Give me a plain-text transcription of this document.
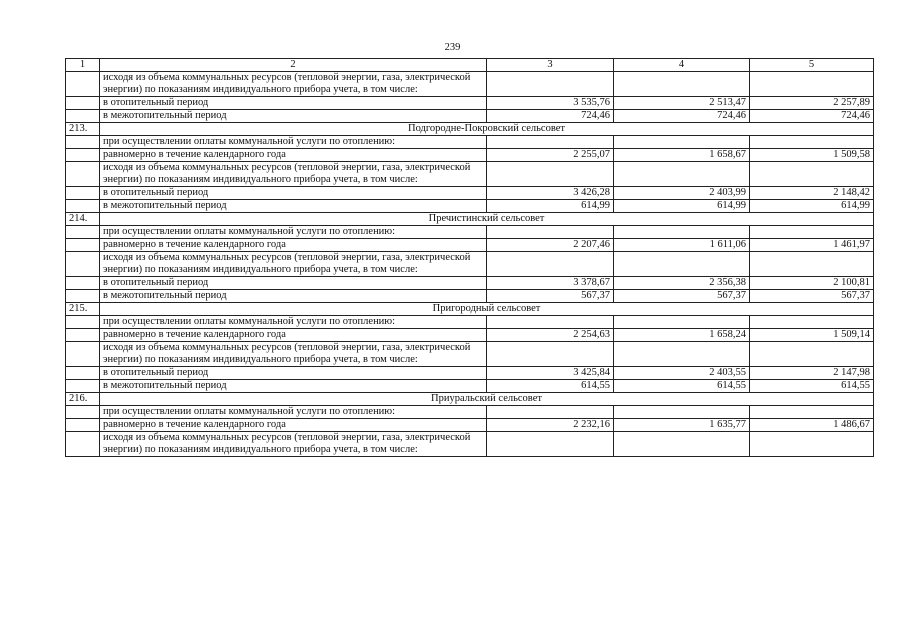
239
1	2	3	4	5
	исходя из объема коммунальных ресурсов (тепловой энергии, газа, электрической энергии) по показаниям индивидуального прибора учета, в том числе:			
	в отопительный период	3 535,76	2 513,47	2 257,89
	в межотопительный период	724,46	724,46	724,46
213.	Подгородне-Покровский сельсовет			
	при осуществлении оплаты коммунальной услуги по отоплению:			
	равномерно в течение календарного года	2 255,07	1 658,67	1 509,58
	исходя из объема коммунальных ресурсов (тепловой энергии, газа, электрической энергии) по показаниям индивидуального прибора учета, в том числе:			
	в отопительный период	3 426,28	2 403,99	2 148,42
	в межотопительный период	614,99	614,99	614,99
214.	Пречистинский сельсовет			
	при осуществлении оплаты коммунальной услуги по отоплению:			
	равномерно в течение календарного года	2 207,46	1 611,06	1 461,97
	исходя из объема коммунальных ресурсов (тепловой энергии, газа, электрической энергии) по показаниям индивидуального прибора учета, в том числе:			
	в отопительный период	3 378,67	2 356,38	2 100,81
	в межотопительный период	567,37	567,37	567,37
215.	Пригородный сельсовет			
	при осуществлении оплаты коммунальной услуги по отоплению:			
	равномерно в течение календарного года	2 254,63	1 658,24	1 509,14
	исходя из объема коммунальных ресурсов (тепловой энергии, газа, электрической энергии) по показаниям индивидуального прибора учета, в том числе:			
	в отопительный период	3 425,84	2 403,55	2 147,98
	в межотопительный период	614,55	614,55	614,55
216.	Приуральский сельсовет			
	при осуществлении оплаты коммунальной услуги по отоплению:			
	равномерно в течение календарного года	2 232,16	1 635,77	1 486,67
	исходя из объема коммунальных ресурсов (тепловой энергии, газа, электрической энергии) по показаниям индивидуального прибора учета, в том числе:			
